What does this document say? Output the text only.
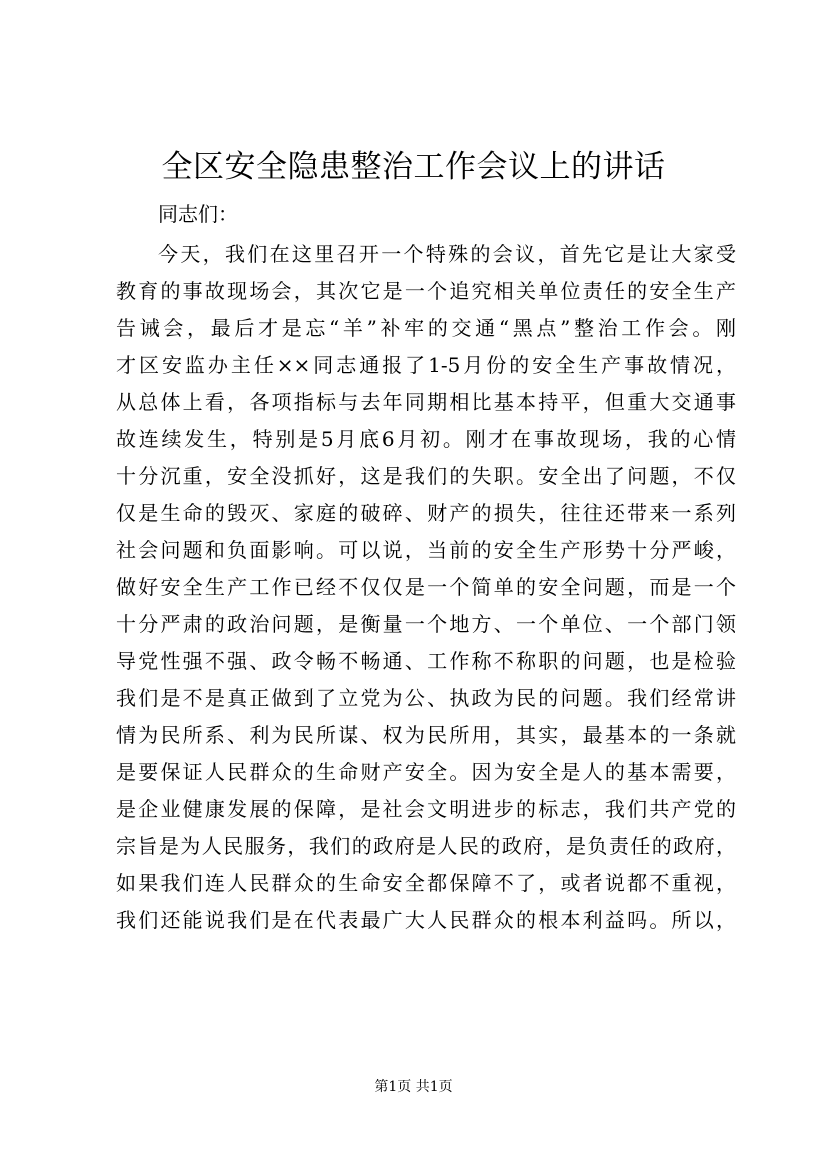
全区安全隐患整治工作会议上的讲话
同志们：
今天，我们在这里召开一个特殊的会议，首先它是让大家受
教育的事故现场会，其次它是一个追究相关单位责任的安全生产
告诫会，最后才是忘“羊”补牢的交通“黑点”整治工作会。刚
才区安监办主任××同志通报了1-5月份的安全生产事故情况，
从总体上看，各项指标与去年同期相比基本持平，但重大交通事
故连续发生，特别是5月底6月初。刚才在事故现场，我的心情
十分沉重，安全没抓好，这是我们的失职。安全出了问题，不仅
仅是生命的毁灭、家庭的破碎、财产的损失，往往还带来一系列
社会问题和负面影响。可以说，当前的安全生产形势十分严峻，
做好安全生产工作已经不仅仅是一个简单的安全问题，而是一个
十分严肃的政治问题，是衡量一个地方、一个单位、一个部门领
导党性强不强、政令畅不畅通、工作称不称职的问题，也是检验
我们是不是真正做到了立党为公、执政为民的问题。我们经常讲
情为民所系、利为民所谋、权为民所用，其实，最基本的一条就
是要保证人民群众的生命财产安全。因为安全是人的基本需要，
是企业健康发展的保障，是社会文明进步的标志，我们共产党的
宗旨是为人民服务，我们的政府是人民的政府，是负责任的政府，
如果我们连人民群众的生命安全都保障不了，或者说都不重视，
我们还能说我们是在代表最广大人民群众的根本利益吗。所以，
第1页 共1页
